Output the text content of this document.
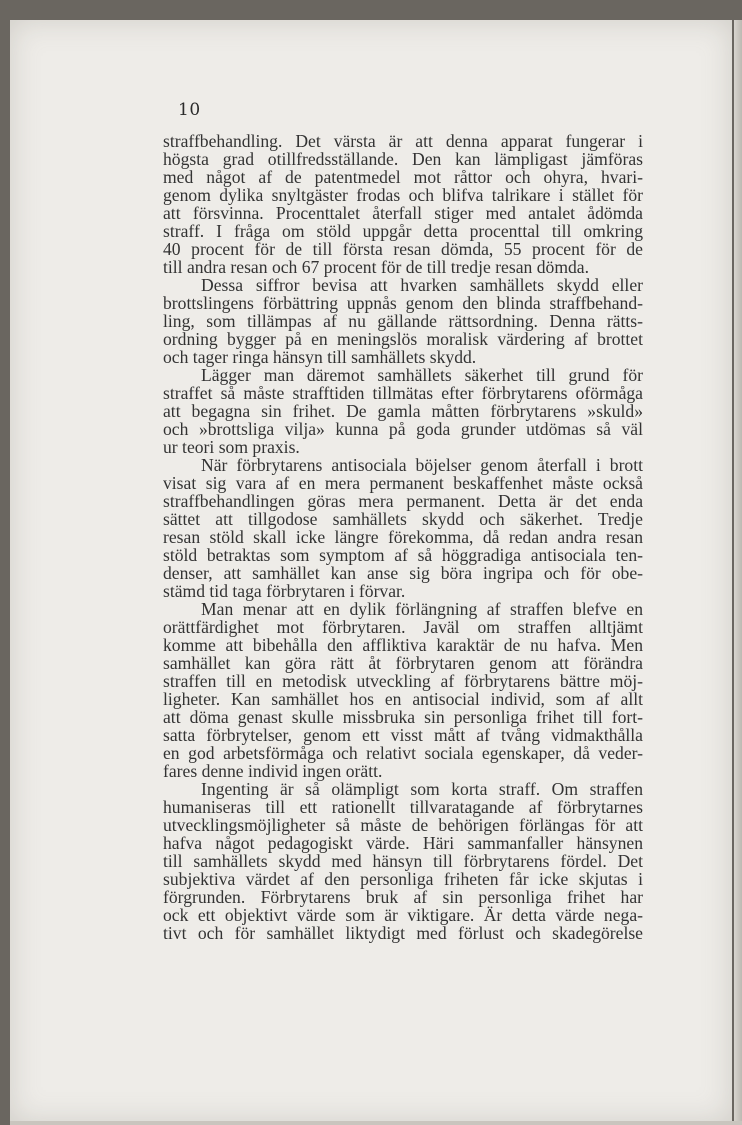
10
straffbehandling. Det värsta är att denna apparat fungerar i
högsta grad otillfredsställande. Den kan lämpligast jämföras
med något af de patentmedel mot råttor och ohyra, hvari-
genom dylika snyltgäster frodas och blifva talrikare i stället för
att försvinna. Procenttalet återfall stiger med antalet ådömda
straff. I fråga om stöld uppgår detta procenttal till omkring
40 procent för de till första resan dömda, 55 procent för de
till andra resan och 67 procent för de till tredje resan dömda.
Dessa siffror bevisa att hvarken samhällets skydd eller
brottslingens förbättring uppnås genom den blinda straffbehand-
ling, som tillämpas af nu gällande rättsordning. Denna rätts-
ordning bygger på en meningslös moralisk värdering af brottet
och tager ringa hänsyn till samhällets skydd.
Lägger man däremot samhällets säkerhet till grund för
straffet så måste strafftiden tillmätas efter förbrytarens oförmåga
att begagna sin frihet. De gamla måtten förbrytarens »skuld»
och »brottsliga vilja» kunna på goda grunder utdömas så väl
ur teori som praxis.
När förbrytarens antisociala böjelser genom återfall i brott
visat sig vara af en mera permanent beskaffenhet måste också
straffbehandlingen göras mera permanent. Detta är det enda
sättet att tillgodose samhällets skydd och säkerhet. Tredje
resan stöld skall icke längre förekomma, då redan andra resan
stöld betraktas som symptom af så höggradiga antisociala ten-
denser, att samhället kan anse sig böra ingripa och för obe-
stämd tid taga förbrytaren i förvar.
Man menar att en dylik förlängning af straffen blefve en
orättfärdighet mot förbrytaren. Javäl om straffen alltjämt
komme att bibehålla den affliktiva karaktär de nu hafva. Men
samhället kan göra rätt åt förbrytaren genom att förändra
straffen till en metodisk utveckling af förbrytarens bättre möj-
ligheter. Kan samhället hos en antisocial individ, som af allt
att döma genast skulle missbruka sin personliga frihet till fort-
satta förbrytelser, genom ett visst mått af tvång vidmakthålla
en god arbetsförmåga och relativt sociala egenskaper, då veder-
fares denne individ ingen orätt.
Ingenting är så olämpligt som korta straff. Om straffen
humaniseras till ett rationellt tillvaratagande af förbrytarnes
utvecklingsmöjligheter så måste de behörigen förlängas för att
hafva något pedagogiskt värde. Häri sammanfaller hänsynen
till samhällets skydd med hänsyn till förbrytarens fördel. Det
subjektiva värdet af den personliga friheten får icke skjutas i
förgrunden. Förbrytarens bruk af sin personliga frihet har
ock ett objektivt värde som är viktigare. Är detta värde nega-
tivt och för samhället liktydigt med förlust och skadegörelse
